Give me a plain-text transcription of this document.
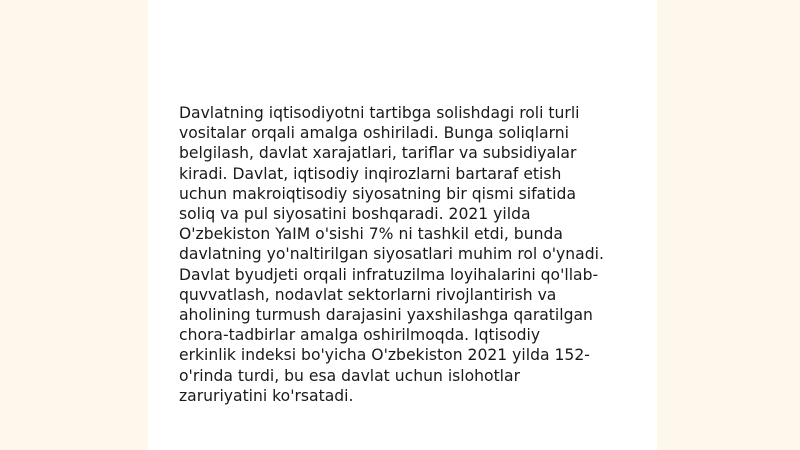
Davlatning iqtisodiyotni tartibga solishdagi roli turli
vositalar orqali amalga oshiriladi. Bunga soliqlarni
belgilash, davlat xarajatlari, tariflar va subsidiyalar
kiradi. Davlat, iqtisodiy inqirozlarni bartaraf etish
uchun makroiqtisodiy siyosatning bir qismi sifatida
soliq va pul siyosatini boshqaradi. 2021 yilda
O'zbekiston YaIM o'sishi 7% ni tashkil etdi, bunda
davlatning yo'naltirilgan siyosatlari muhim rol o'ynadi.
Davlat byudjeti orqali infratuzilma loyihalarini qo'llab-
quvvatlash, nodavlat sektorlarni rivojlantirish va
aholining turmush darajasini yaxshilashga qaratilgan
chora-tadbirlar amalga oshirilmoqda. Iqtisodiy
erkinlik indeksi bo'yicha O'zbekiston 2021 yilda 152-
o'rinda turdi, bu esa davlat uchun islohotlar
zaruriyatini ko'rsatadi.
